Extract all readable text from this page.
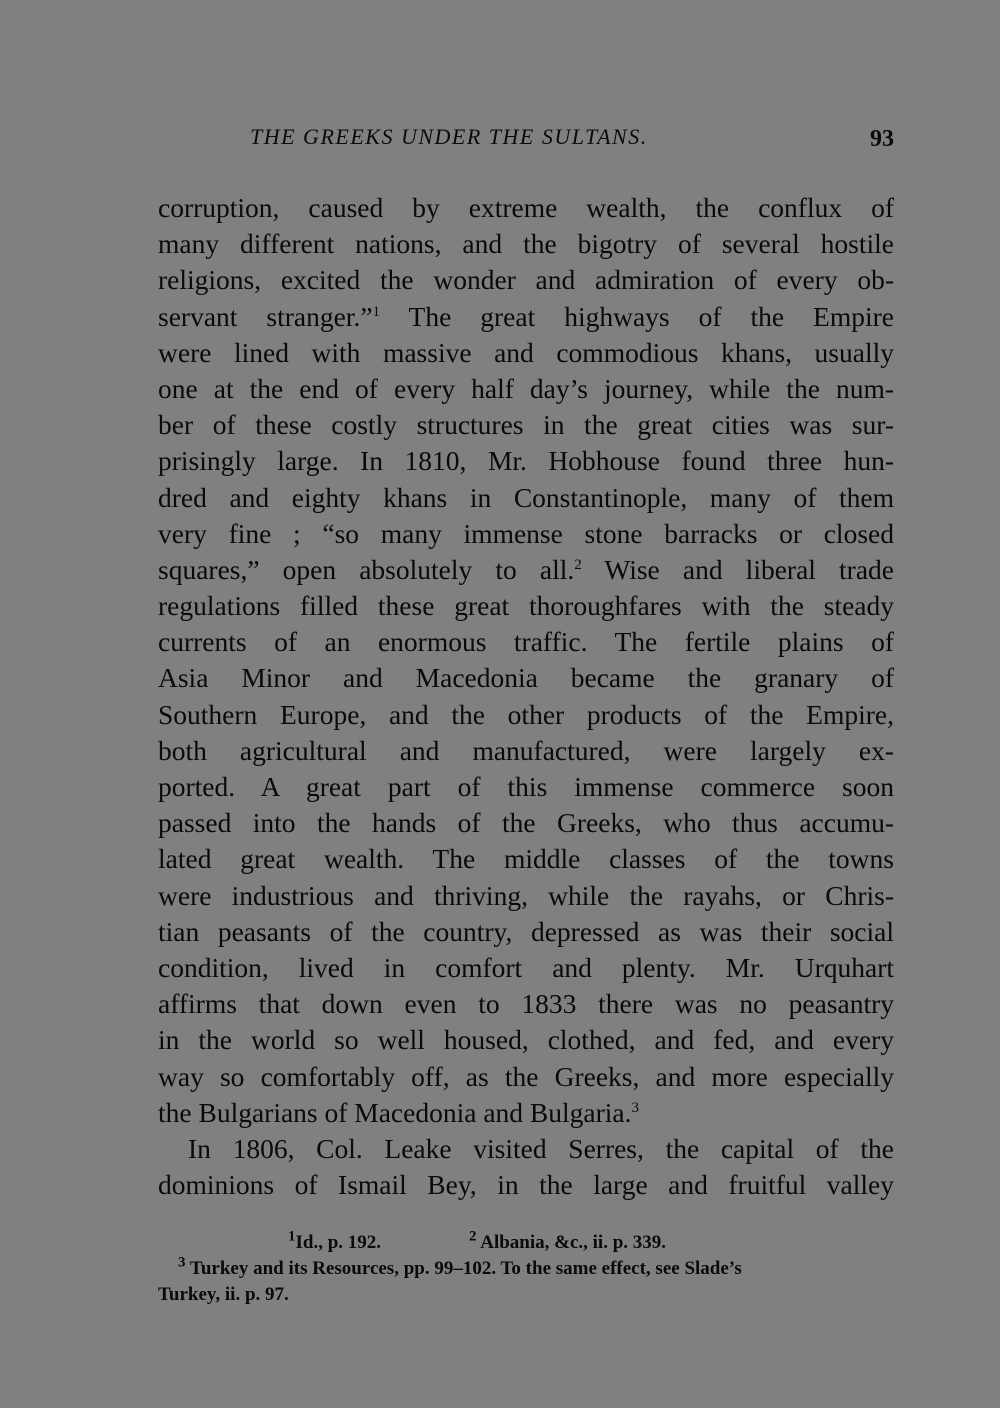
THE GREEKS UNDER THE SULTANS.	93
corruption, caused by extreme wealth, the conflux of
many different nations, and the bigotry of several hostile
religions, excited the wonder and admiration of every ob-
servant stranger.”$^1$ The great highways of the Empire
were lined with massive and commodious khans, usually
one at the end of every half day’s journey, while the num-
ber of these costly structures in the great cities was sur-
prisingly large. In 1810, Mr. Hobhouse found three hun-
dred and eighty khans in Constantinople, many of them
very fine ; “so many immense stone barracks or closed
squares,” open absolutely to all.$^2$ Wise and liberal trade
regulations filled these great thoroughfares with the steady
currents of an enormous traffic. The fertile plains of
Asia Minor and Macedonia became the granary of
Southern Europe, and the other products of the Empire,
both agricultural and manufactured, were largely ex-
ported. A great part of this immense commerce soon
passed into the hands of the Greeks, who thus accumu-
lated great wealth. The middle classes of the towns
were industrious and thriving, while the rayahs, or Chris-
tian peasants of the country, depressed as was their social
condition, lived in comfort and plenty. Mr. Urquhart
affirms that down even to 1833 there was no peasantry
in the world so well housed, clothed, and fed, and every
way so comfortably off, as the Greeks, and more especially
the Bulgarians of Macedonia and Bulgaria.$^3$
In 1806, Col. Leake visited Serres, the capital of the
dominions of Ismail Bey, in the large and fruitful valley
$^1$Id., p. 192.	$^2$ Albania, &c., ii. p. 339.
$^3$ Turkey and its Resources, pp. 99–102. To the same effect, see Slade’s
Turkey, ii. p. 97.
